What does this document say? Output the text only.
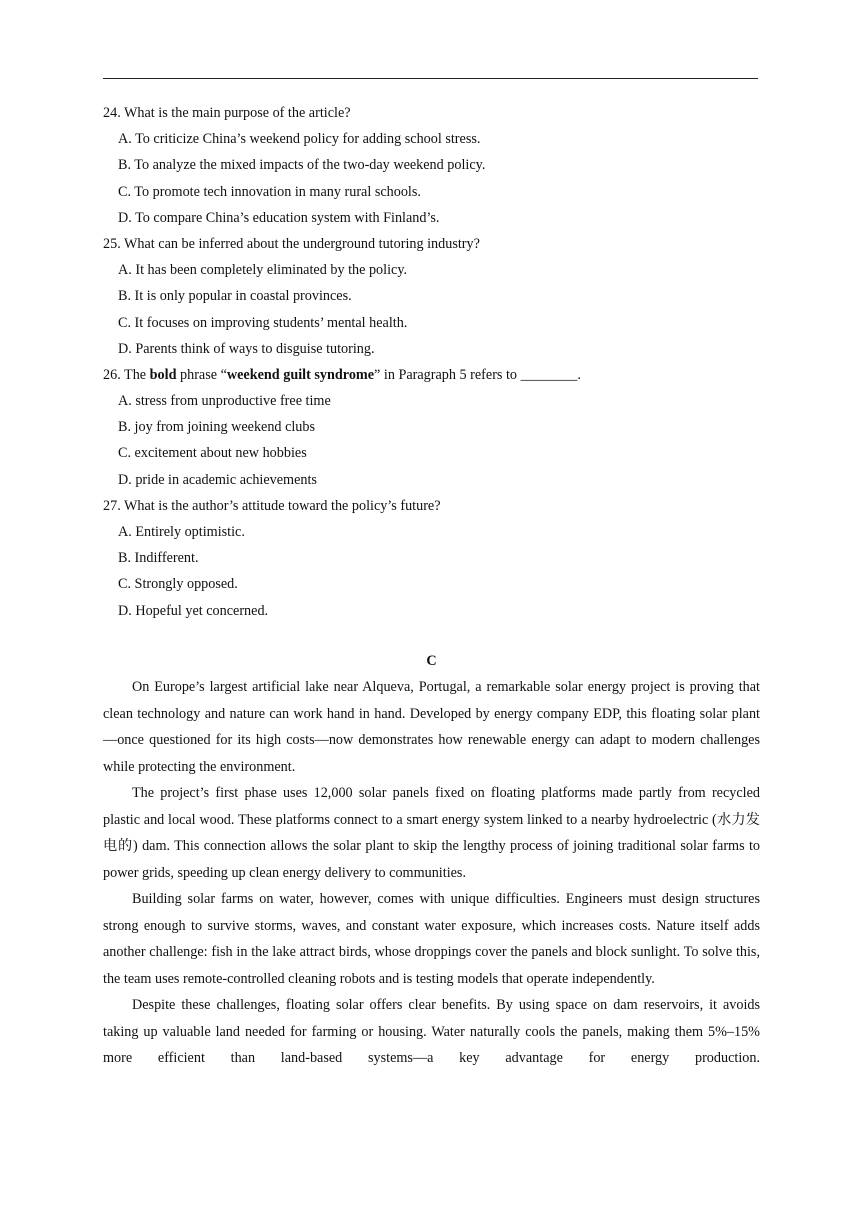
24. What is the main purpose of the article?
A. To criticize China’s weekend policy for adding school stress.
B. To analyze the mixed impacts of the two-day weekend policy.
C. To promote tech innovation in many rural schools.
D. To compare China’s education system with Finland’s.
25. What can be inferred about the underground tutoring industry?
A. It has been completely eliminated by the policy.
B. It is only popular in coastal provinces.
C. It focuses on improving students’ mental health.
D. Parents think of ways to disguise tutoring.
26. The bold phrase “weekend guilt syndrome” in Paragraph 5 refers to ________.
A. stress from unproductive free time
B. joy from joining weekend clubs
C. excitement about new hobbies
D. pride in academic achievements
27. What is the author’s attitude toward the policy’s future?
A. Entirely optimistic.
B. Indifferent.
C. Strongly opposed.
D. Hopeful yet concerned.
C

On Europe’s largest artificial lake near Alqueva, Portugal, a remarkable solar energy project is proving that clean technology and nature can work hand in hand. Developed by energy company EDP, this floating solar plant—once questioned for its high costs—now demonstrates how renewable energy can adapt to modern challenges while protecting the environment.

The project’s first phase uses 12,000 solar panels fixed on floating platforms made partly from recycled plastic and local wood. These platforms connect to a smart energy system linked to a nearby hydroelectric (水力发电的) dam. This connection allows the solar plant to skip the lengthy process of joining traditional solar farms to power grids, speeding up clean energy delivery to communities.

Building solar farms on water, however, comes with unique difficulties. Engineers must design structures strong enough to survive storms, waves, and constant water exposure, which increases costs. Nature itself adds another challenge: fish in the lake attract birds, whose droppings cover the panels and block sunlight. To solve this, the team uses remote-controlled cleaning robots and is testing models that operate independently.

Despite these challenges, floating solar offers clear benefits. By using space on dam reservoirs, it avoids taking up valuable land needed for farming or housing. Water naturally cools the panels, making them 5%–15% more efficient than land-based systems—a key advantage for energy production.
